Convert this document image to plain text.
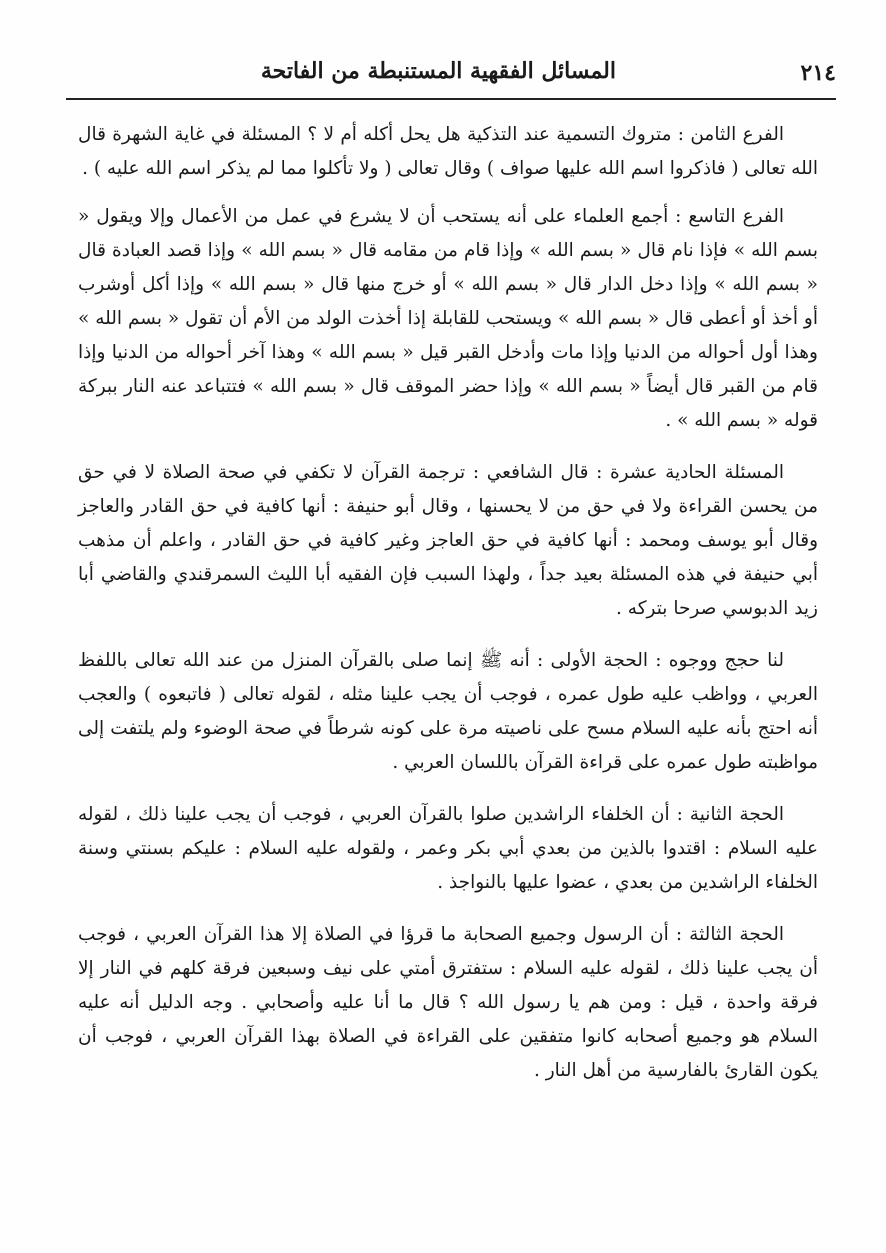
٢١٤
المسائل الفقهية المستنبطة من الفاتحة

الفرع الثامن : متروك التسمية عند التذكية هل يحل أكله أم لا ؟ المسئلة في غاية الشهرة قال الله تعالى ( فاذكروا اسم الله عليها صواف ) وقال تعالى ( ولا تأكلوا مما لم يذكر اسم الله عليه ) .

الفرع التاسع : أجمع العلماء على أنه يستحب أن لا يشرع في عمل من الأعمال وإلا ويقول « بسم الله » فإذا نام قال « بسم الله » وإذا قام من مقامه قال « بسم الله » وإذا قصد العبادة قال « بسم الله » وإذا دخل الدار قال « بسم الله » أو خرج منها قال « بسم الله » وإذا أكل أوشرب أو أخذ أو أعطى قال « بسم الله » ويستحب للقابلة إذا أخذت الولد من الأم أن تقول « بسم الله » وهذا أول أحواله من الدنيا وإذا مات وأدخل القبر قيل « بسم الله » وهذا آخر أحواله من الدنيا وإذا قام من القبر قال أيضاً « بسم الله » وإذا حضر الموقف قال « بسم الله » فتتباعد عنه النار ببركة قوله « بسم الله » .

المسئلة الحادية عشرة : قال الشافعي : ترجمة القرآن لا تكفي في صحة الصلاة لا في حق من يحسن القراءة ولا في حق من لا يحسنها ، وقال أبو حنيفة : أنها كافية في حق القادر والعاجز وقال أبو يوسف ومحمد : أنها كافية في حق العاجز وغير كافية في حق القادر ، واعلم أن مذهب أبي حنيفة في هذه المسئلة بعيد جداً ، ولهذا السبب فإن الفقيه أبا الليث السمرقندي والقاضي أبا زيد الدبوسي صرحا بتركه .

لنا حجج ووجوه : الحجة الأولى : أنه ﷺ إنما صلى بالقرآن المنزل من عند الله تعالى باللفظ العربي ، وواظب عليه طول عمره ، فوجب أن يجب علينا مثله ، لقوله تعالى ( فاتبعوه ) والعجب أنه احتج بأنه عليه السلام مسح على ناصيته مرة على كونه شرطاً في صحة الوضوء ولم يلتفت إلى مواظبته طول عمره على قراءة القرآن باللسان العربي .

الحجة الثانية : أن الخلفاء الراشدين صلوا بالقرآن العربي ، فوجب أن يجب علينا ذلك ، لقوله عليه السلام : اقتدوا بالذين من بعدي أبي بكر وعمر ، ولقوله عليه السلام : عليكم بسنتي وسنة الخلفاء الراشدين من بعدي ، عضوا عليها بالنواجذ .

الحجة الثالثة : أن الرسول وجميع الصحابة ما قرؤا في الصلاة إلا هذا القرآن العربي ، فوجب أن يجب علينا ذلك ، لقوله عليه السلام : ستفترق أمتي على نيف وسبعين فرقة كلهم في النار إلا فرقة واحدة ، قيل : ومن هم يا رسول الله ؟ قال ما أنا عليه وأصحابي . وجه الدليل أنه عليه السلام هو وجميع أصحابه كانوا متفقين على القراءة في الصلاة بهذا القرآن العربي ، فوجب أن يكون القارئ بالفارسية من أهل النار .
